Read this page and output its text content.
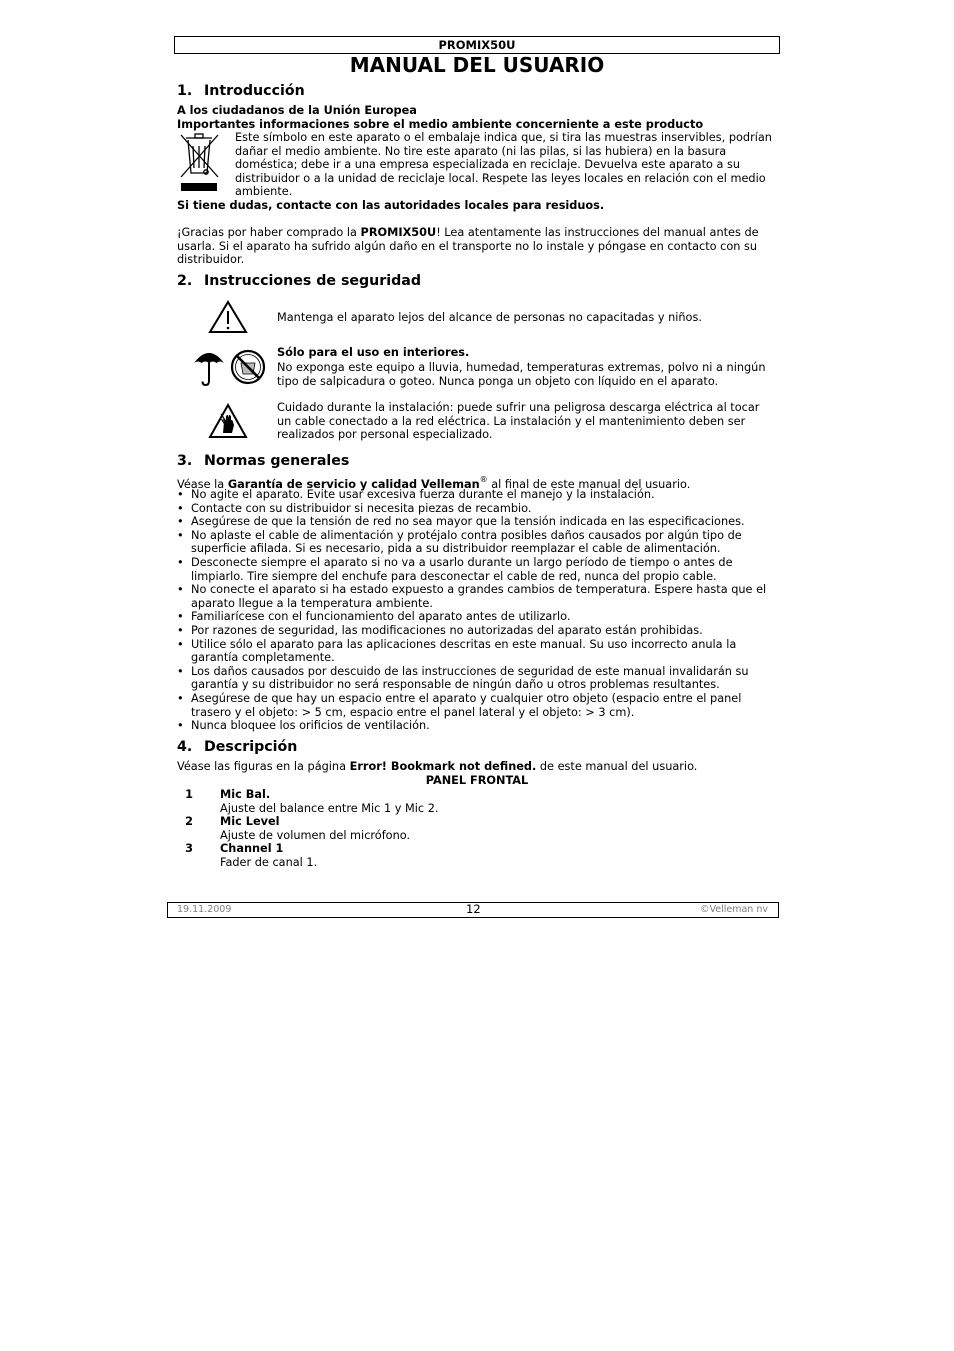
PROMIX50U
MANUAL DEL USUARIO
1. Introducción
A los ciudadanos de la Unión Europea
Importantes informaciones sobre el medio ambiente concerniente a este producto
Este símbolo en este aparato o el embalaje indica que, si tira las muestras inservibles, podrían
dañar el medio ambiente. No tire este aparato (ni las pilas, si las hubiera) en la basura
doméstica; debe ir a una empresa especializada en reciclaje. Devuelva este aparato a su
distribuidor o a la unidad de reciclaje local. Respete las leyes locales en relación con el medio
ambiente.
Si tiene dudas, contacte con las autoridades locales para residuos.
¡Gracias por haber comprado la PROMIX50U! Lea atentamente las instrucciones del manual antes de
usarla. Si el aparato ha sufrido algún daño en el transporte no lo instale y póngase en contacto con su
distribuidor.
2. Instrucciones de seguridad
Mantenga el aparato lejos del alcance de personas no capacitadas y niños.
Sólo para el uso en interiores.
No exponga este equipo a lluvia, humedad, temperaturas extremas, polvo ni a ningún
tipo de salpicadura o goteo. Nunca ponga un objeto con líquido en el aparato.
Cuidado durante la instalación: puede sufrir una peligrosa descarga eléctrica al tocar
un cable conectado a la red eléctrica. La instalación y el mantenimiento deben ser
realizados por personal especializado.
3. Normas generales
Véase la Garantía de servicio y calidad Velleman® al final de este manual del usuario.
• No agite el aparato. Evite usar excesiva fuerza durante el manejo y la instalación.
• Contacte con su distribuidor si necesita piezas de recambio.
• Asegúrese de que la tensión de red no sea mayor que la tensión indicada en las especificaciones.
• No aplaste el cable de alimentación y protéjalo contra posibles daños causados por algún tipo de
superficie afilada. Si es necesario, pida a su distribuidor reemplazar el cable de alimentación.
• Desconecte siempre el aparato si no va a usarlo durante un largo período de tiempo o antes de
limpiarlo. Tire siempre del enchufe para desconectar el cable de red, nunca del propio cable.
• No conecte el aparato si ha estado expuesto a grandes cambios de temperatura. Espere hasta que el
aparato llegue a la temperatura ambiente.
• Familiarícese con el funcionamiento del aparato antes de utilizarlo.
• Por razones de seguridad, las modificaciones no autorizadas del aparato están prohibidas.
• Utilice sólo el aparato para las aplicaciones descritas en este manual. Su uso incorrecto anula la
garantía completamente.
• Los daños causados por descuido de las instrucciones de seguridad de este manual invalidarán su
garantía y su distribuidor no será responsable de ningún daño u otros problemas resultantes.
• Asegúrese de que hay un espacio entre el aparato y cualquier otro objeto (espacio entre el panel
trasero y el objeto: > 5 cm, espacio entre el panel lateral y el objeto: > 3 cm).
• Nunca bloquee los orificios de ventilación.
4. Descripción
Véase las figuras en la página Error! Bookmark not defined. de este manual del usuario.
PANEL FRONTAL
1	Mic Bal.
Ajuste del balance entre Mic 1 y Mic 2.
2	Mic Level
Ajuste de volumen del micrófono.
3	Channel 1
Fader de canal 1.
19.11.2009	12	©Velleman nv
